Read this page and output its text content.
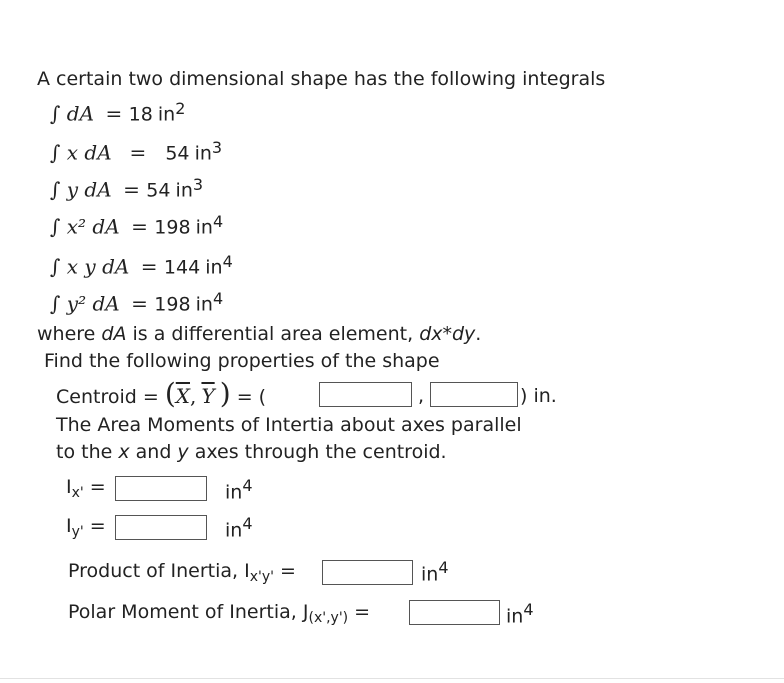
A certain two dimensional shape has the following integrals
∫ dA  = 18 $in^2$
∫ x dA   =   54 $in^3$
∫ y dA  = 54 $in^3$
∫ x² dA  = 198 $in^4$
∫ x y dA  = 144 $in^4$
∫ y² dA  = 198 $in^4$
where dA is a differential area element, dx*dy.
Find the following properties of the shape
Centroid = ($\overline{X}$, $\overline{Y}$ ) = (	,	) in.
The Area Moments of Intertia about axes parallel
to the x and y axes through the centroid.
$I_{x'}$ =	$in^4$
$I_{y'}$ =	$in^4$
Product of Inertia, $I_{x'y'}$ =	$in^4$
Polar Moment of Inertia, $J_{(x',y')}$ =	$in^4$
